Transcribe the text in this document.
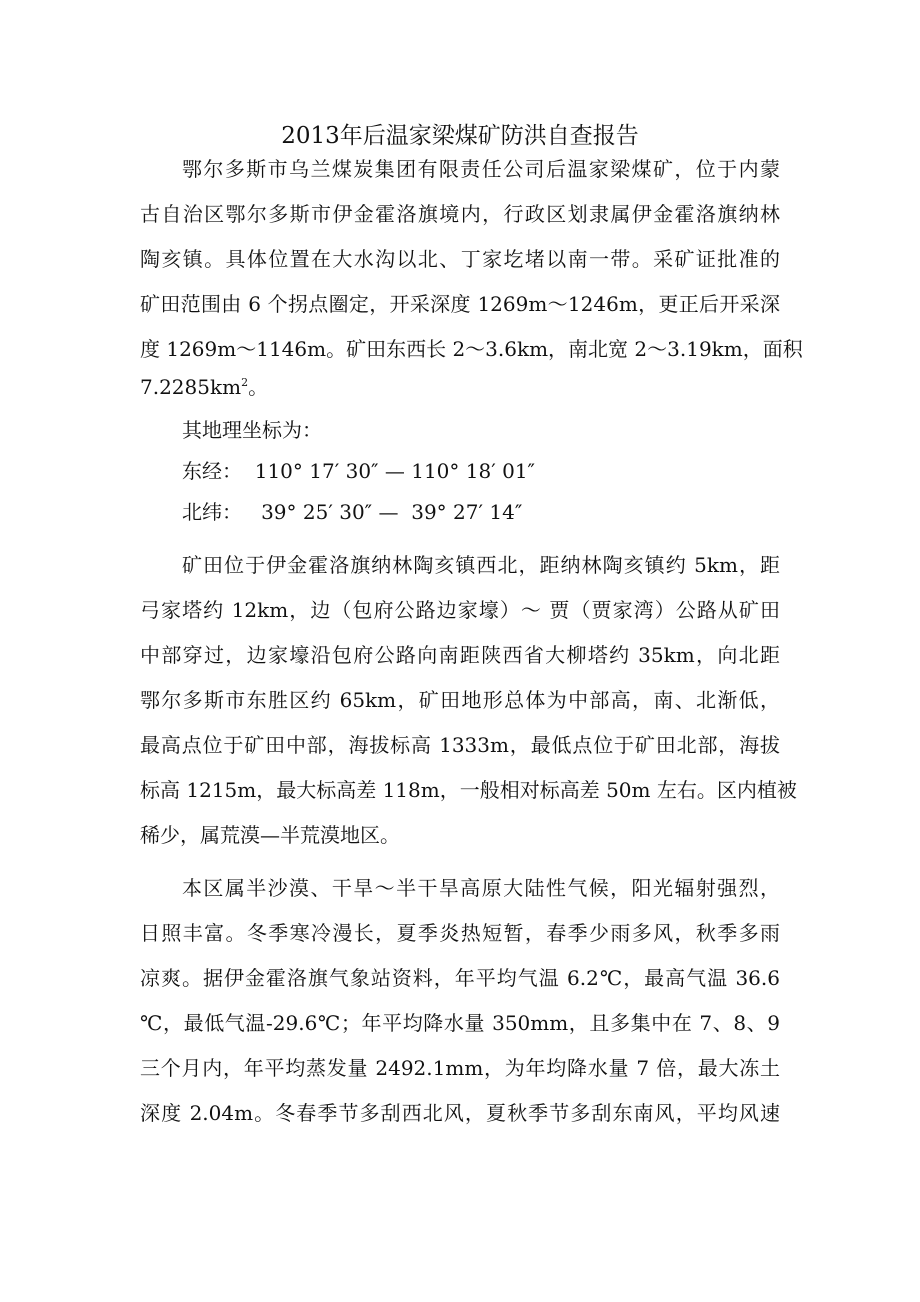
2013年后温家梁煤矿防洪自查报告
鄂尔多斯市乌兰煤炭集团有限责任公司后温家梁煤矿，位于内蒙
古自治区鄂尔多斯市伊金霍洛旗境内，行政区划隶属伊金霍洛旗纳林
陶亥镇。具体位置在大水沟以北、丁家圪堵以南一带。采矿证批准的
矿田范围由 6 个拐点圈定，开采深度 1269m～1246m，更正后开采深
度 1269m～1146m。矿田东西长 2～3.6km，南北宽 2～3.19km，面积
$7.2285km^2$。
其地理坐标为：
东经：  110° 17′ 30″ — 110° 18′ 01″
北纬：   39° 25′ 30″ —  39° 27′ 14″
矿田位于伊金霍洛旗纳林陶亥镇西北，距纳林陶亥镇约 5km，距
弓家塔约 12km，边（包府公路边家壕）～ 贾（贾家湾）公路从矿田
中部穿过，边家壕沿包府公路向南距陕西省大柳塔约 35km，向北距
鄂尔多斯市东胜区约 65km，矿田地形总体为中部高，南、北渐低，
最高点位于矿田中部，海拔标高 1333m，最低点位于矿田北部，海拔
标高 1215m，最大标高差 118m，一般相对标高差 50m 左右。区内植被
稀少，属荒漠—半荒漠地区。
本区属半沙漠、干旱～半干旱高原大陆性气候，阳光辐射强烈，
日照丰富。冬季寒冷漫长，夏季炎热短暂，春季少雨多风，秋季多雨
凉爽。据伊金霍洛旗气象站资料，年平均气温 6.2℃，最高气温 36.6
℃，最低气温-29.6℃；年平均降水量 350mm，且多集中在 7、8、9
三个月内，年平均蒸发量 2492.1mm，为年均降水量 7 倍，最大冻土
深度 2.04m。冬春季节多刮西北风，夏秋季节多刮东南风，平均风速
